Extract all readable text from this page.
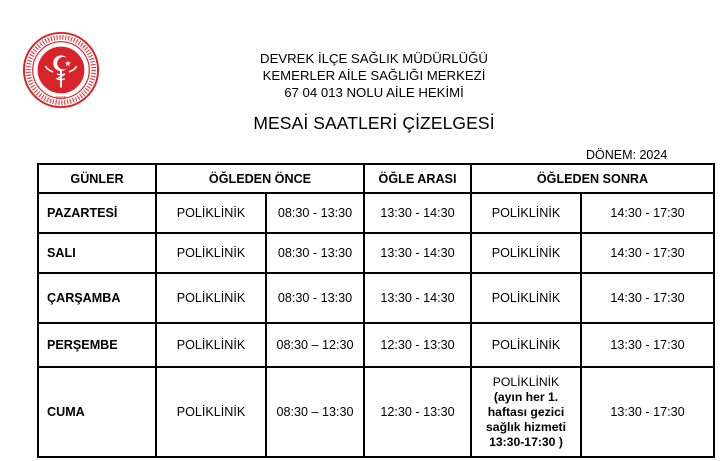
1920
DEVREK İLÇE SAĞLIK MÜDÜRLÜĞÜ
KEMERLER AİLE SAĞLIĞI MERKEZİ
67 04 013 NOLU AİLE HEKİMİ
MESAİ SAATLERİ ÇİZELGESİ
DÖNEM: 2024
GÜNLER	ÖĞLEDEN ÖNCE		ÖĞLE ARASI	ÖĞLEDEN SONRA	
PAZARTESİ	POLİKLİNİK	08:30 - 13:30	13:30 - 14:30	POLİKLİNİK	14:30 - 17:30
SALI	POLİKLİNİK	08:30 - 13:30	13:30 - 14:30	POLİKLİNİK	14:30 - 17:30
ÇARŞAMBA	POLİKLİNİK	08:30 - 13:30	13:30 - 14:30	POLİKLİNİK	14:30 - 17:30
PERŞEMBE	POLİKLİNİK	08:30 – 12:30	12:30 - 13:30	POLİKLİNİK	13:30 - 17:30
CUMA	POLİKLİNİK	08:30 – 13:30	12:30 - 13:30	POLİKLİNİK
(ayın her 1.
haftası gezici
sağlık hizmeti
13:30-17:30 )	13:30 - 17:30
